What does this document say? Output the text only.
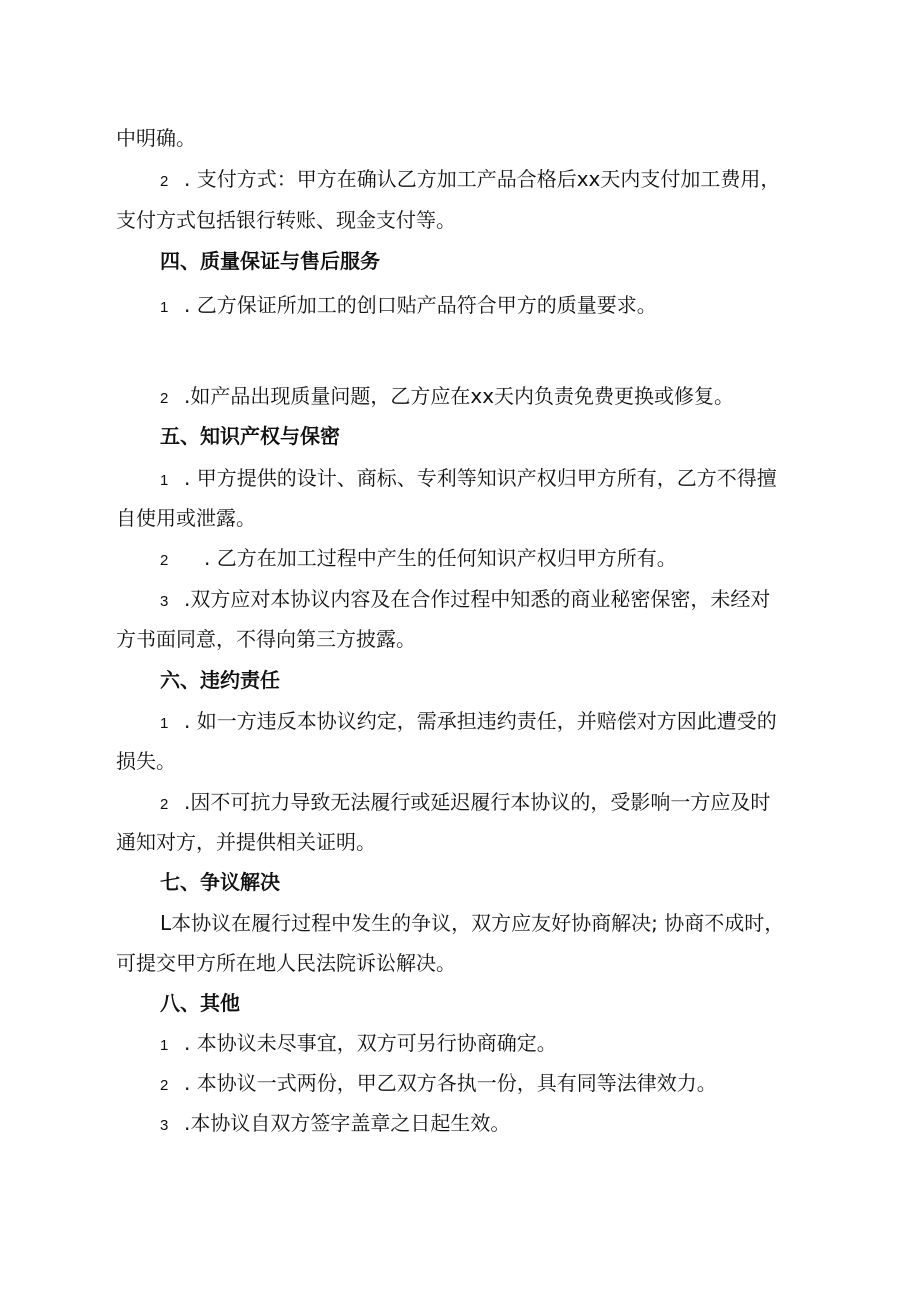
中明确。
2 . 支付方式：甲方在确认乙方加工产品合格后xx天内支付加工费用，
支付方式包括银行转账、现金支付等。
四、质量保证与售后服务
1 . 乙方保证所加工的创口贴产品符合甲方的质量要求。
2 .如产品出现质量问题，乙方应在xx天内负责免费更换或修复。
五、知识产权与保密
1 . 甲方提供的设计、商标、专利等知识产权归甲方所有，乙方不得擅
自使用或泄露。
2 . 乙方在加工过程中产生的任何知识产权归甲方所有。
3 .双方应对本协议内容及在合作过程中知悉的商业秘密保密，未经对
方书面同意，不得向第三方披露。
六、违约责任
1 . 如一方违反本协议约定，需承担违约责任，并赔偿对方因此遭受的
损失。
2 .因不可抗力导致无法履行或延迟履行本协议的，受影响一方应及时
通知对方，并提供相关证明。
七、争议解决
L本协议在履行过程中发生的争议，双方应友好协商解决; 协商不成时，
可提交甲方所在地人民法院诉讼解决。
八、其他
1 . 本协议未尽事宜，双方可另行协商确定。
2 . 本协议一式两份，甲乙双方各执一份，具有同等法律效力。
3 .本协议自双方签字盖章之日起生效。
